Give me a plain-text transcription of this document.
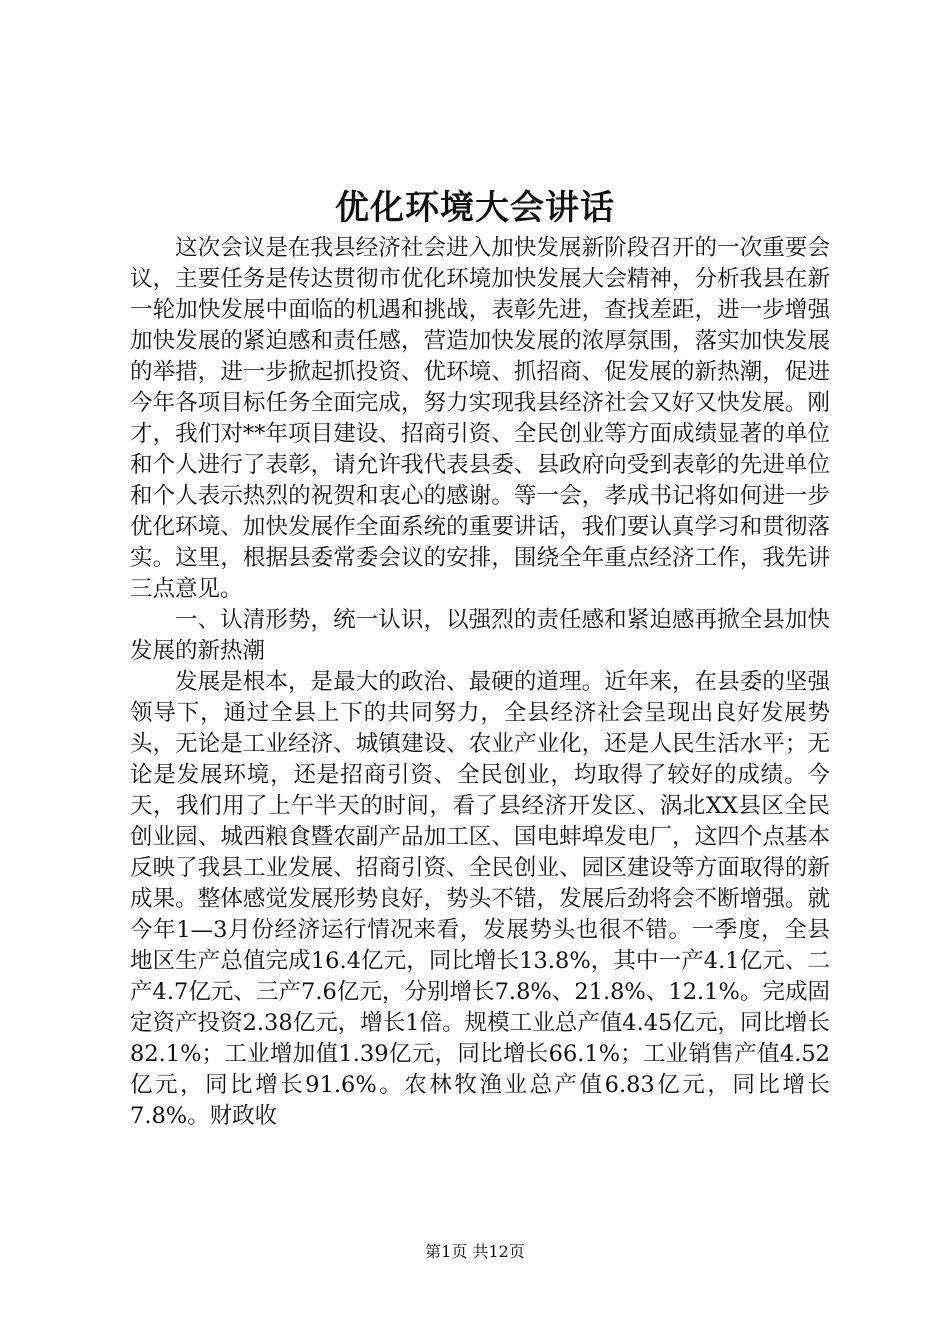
优化环境大会讲话

这次会议是在我县经济社会进入加快发展新阶段召开的一次重要会议，主要任务是传达贯彻市优化环境加快发展大会精神，分析我县在新一轮加快发展中面临的机遇和挑战，表彰先进，查找差距，进一步增强加快发展的紧迫感和责任感，营造加快发展的浓厚氛围，落实加快发展的举措，进一步掀起抓投资、优环境、抓招商、促发展的新热潮，促进今年各项目标任务全面完成，努力实现我县经济社会又好又快发展。刚才，我们对**年项目建设、招商引资、全民创业等方面成绩显著的单位和个人进行了表彰，请允许我代表县委、县政府向受到表彰的先进单位和个人表示热烈的祝贺和衷心的感谢。等一会，孝成书记将如何进一步优化环境、加快发展作全面系统的重要讲话，我们要认真学习和贯彻落实。这里，根据县委常委会议的安排，围绕全年重点经济工作，我先讲三点意见。

一、认清形势，统一认识，以强烈的责任感和紧迫感再掀全县加快发展的新热潮

发展是根本，是最大的政治、最硬的道理。近年来，在县委的坚强领导下，通过全县上下的共同努力，全县经济社会呈现出良好发展势头，无论是工业经济、城镇建设、农业产业化，还是人民生活水平；无论是发展环境，还是招商引资、全民创业，均取得了较好的成绩。今天，我们用了上午半天的时间，看了县经济开发区、涡北XX县区全民创业园、城西粮食暨农副产品加工区、国电蚌埠发电厂，这四个点基本反映了我县工业发展、招商引资、全民创业、园区建设等方面取得的新成果。整体感觉发展形势良好，势头不错，发展后劲将会不断增强。就今年1—3月份经济运行情况来看，发展势头也很不错。一季度，全县地区生产总值完成16.4亿元，同比增长13.8%，其中一产4.1亿元、二产4.7亿元、三产7.6亿元，分别增长7.8%、21.8%、12.1%。完成固定资产投资2.38亿元，增长1倍。规模工业总产值4.45亿元，同比增长82.1%；工业增加值1.39亿元，同比增长66.1%；工业销售产值4.52亿元，同比增长91.6%。农林牧渔业总产值6.83亿元，同比增长7.8%。财政收

第1页 共12页
